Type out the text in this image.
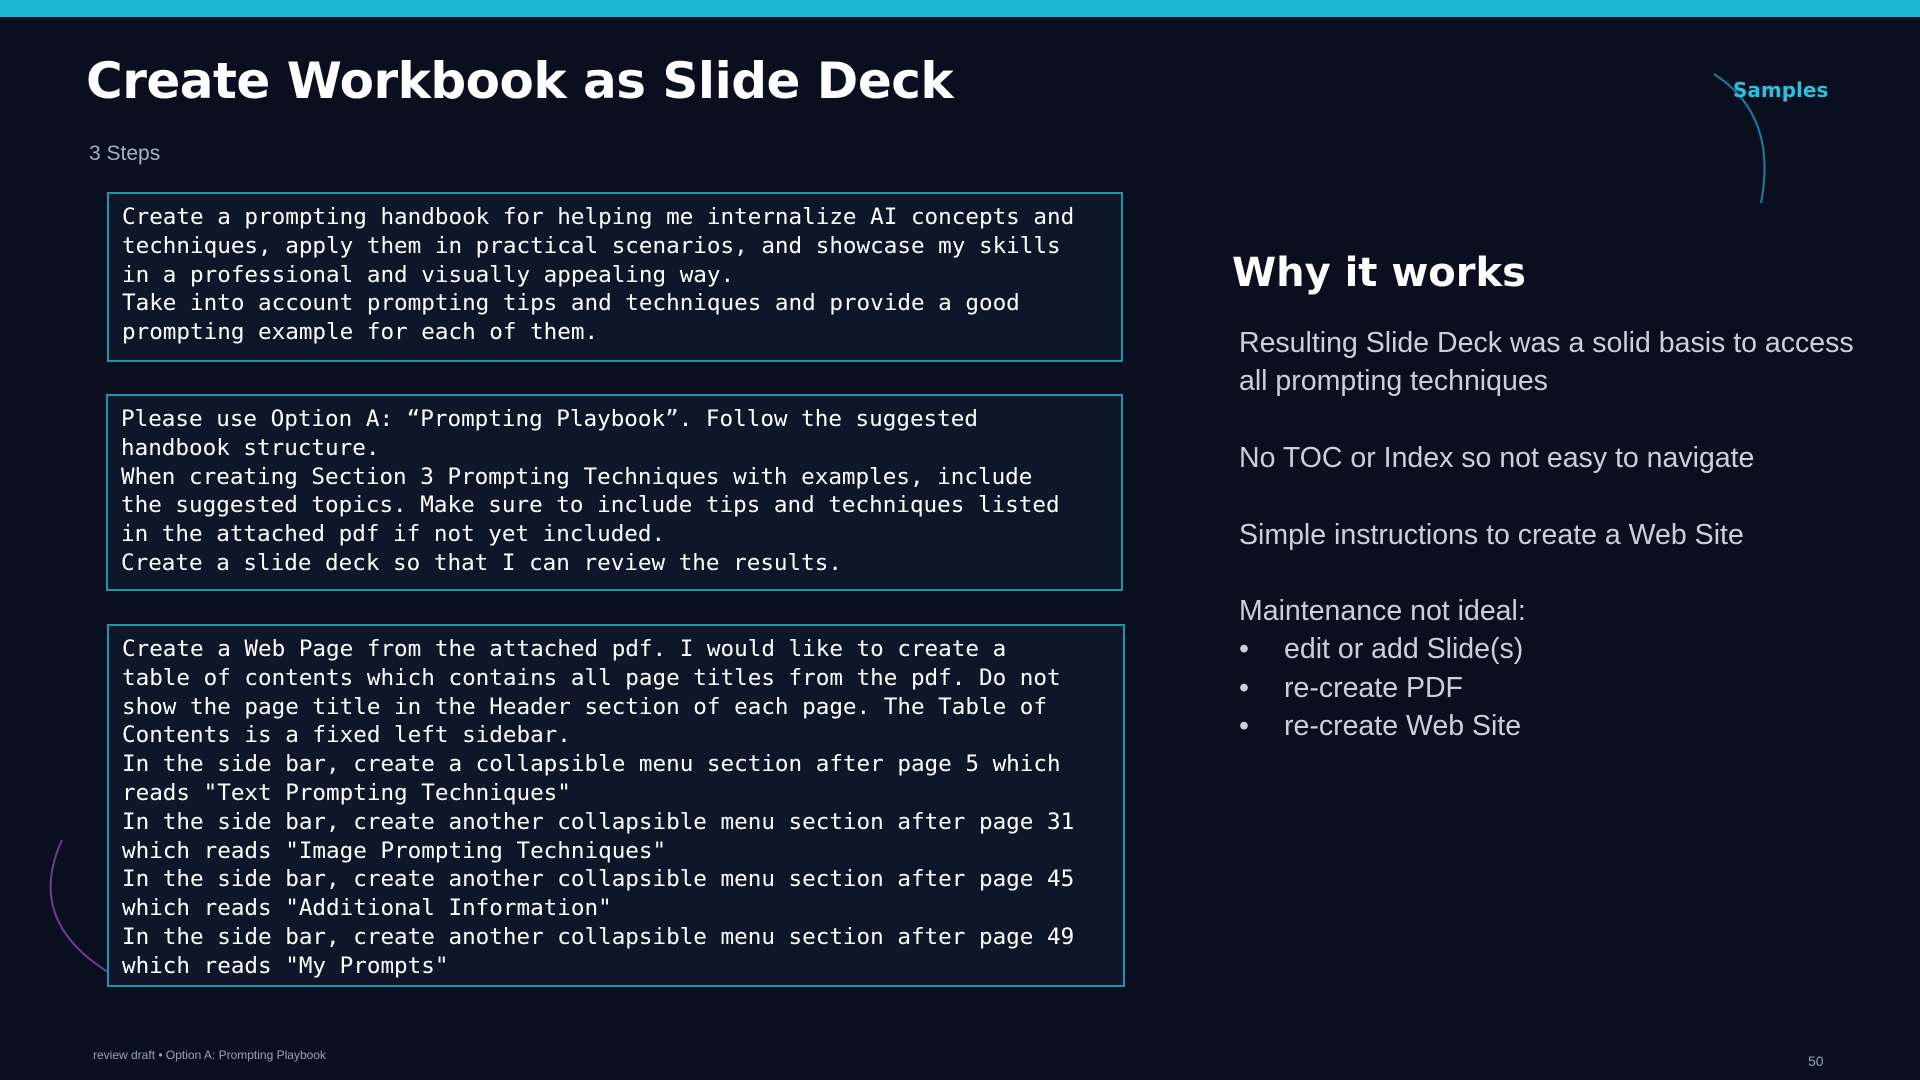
Create Workbook as Slide Deck
3 Steps
Samples
Create a prompting handbook for helping me internalize AI concepts and
techniques, apply them in practical scenarios, and showcase my skills
in a professional and visually appealing way.
Take into account prompting tips and techniques and provide a good
prompting example for each of them.
Please use Option A: “Prompting Playbook”. Follow the suggested
handbook structure.
When creating Section 3 Prompting Techniques with examples, include
the suggested topics. Make sure to include tips and techniques listed
in the attached pdf if not yet included.
Create a slide deck so that I can review the results.
Create a Web Page from the attached pdf. I would like to create a
table of contents which contains all page titles from the pdf. Do not
show the page title in the Header section of each page. The Table of
Contents is a fixed left sidebar.
In the side bar, create a collapsible menu section after page 5 which
reads "Text Prompting Techniques"
In the side bar, create another collapsible menu section after page 31
which reads "Image Prompting Techniques"
In the side bar, create another collapsible menu section after page 45
which reads "Additional Information"
In the side bar, create another collapsible menu section after page 49
which reads "My Prompts"
Why it works

Resulting Slide Deck was a solid basis to access all prompting techniques

No TOC or Index so not easy to navigate

Simple instructions to create a Web Site

Maintenance not ideal:

• edit or add Slide(s)
• re-create PDF
• re-create Web Site
review draft • Option A: Prompting Playbook	50
